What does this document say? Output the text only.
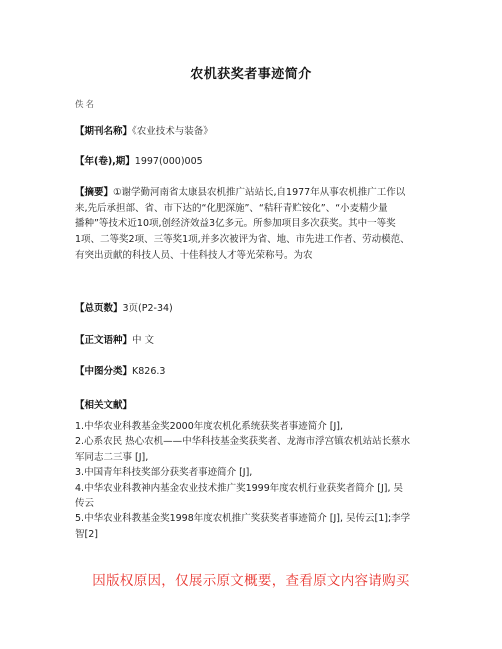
农机获奖者事迹简介
佚名
【期刊名称】《农业技术与装备》
【年(卷),期】1997(000)005
【摘要】①谢学勤河南省太康县农机推广站站长,自1977年从事农机推广工作以
来,先后承担部、省、市下达的“化肥深施”、“秸秆青贮铵化”、“小麦精少量
播种”等技术近10项,创经济效益3亿多元。所参加项目多次获奖。其中一等奖
1项、二等奖2项、三等奖1项,并多次被评为省、地、市先进工作者、劳动模范、
有突出贡献的科技人员、十佳科技人才等光荣称号。为农
【总页数】3页(P2-34)
【正文语种】中 文
【中图分类】K826.3
【相关文献】
1.中华农业科教基金奖2000年度农机化系统获奖者事迹简介 [J],
2.心系农民 热心农机——中华科技基金奖获奖者、龙海市浮宫镇农机站站长蔡水
军同志二三事 [J],
3.中国青年科技奖部分获奖者事迹简介 [J],
4.中华农业科教神内基金农业技术推广奖1999年度农机行业获奖者简介 [J], 吴
传云
5.中华农业科教基金奖1998年度农机推广奖获奖者事迹简介 [J], 吴传云[1];李学
智[2]
因版权原因，仅展示原文概要，查看原文内容请购买
